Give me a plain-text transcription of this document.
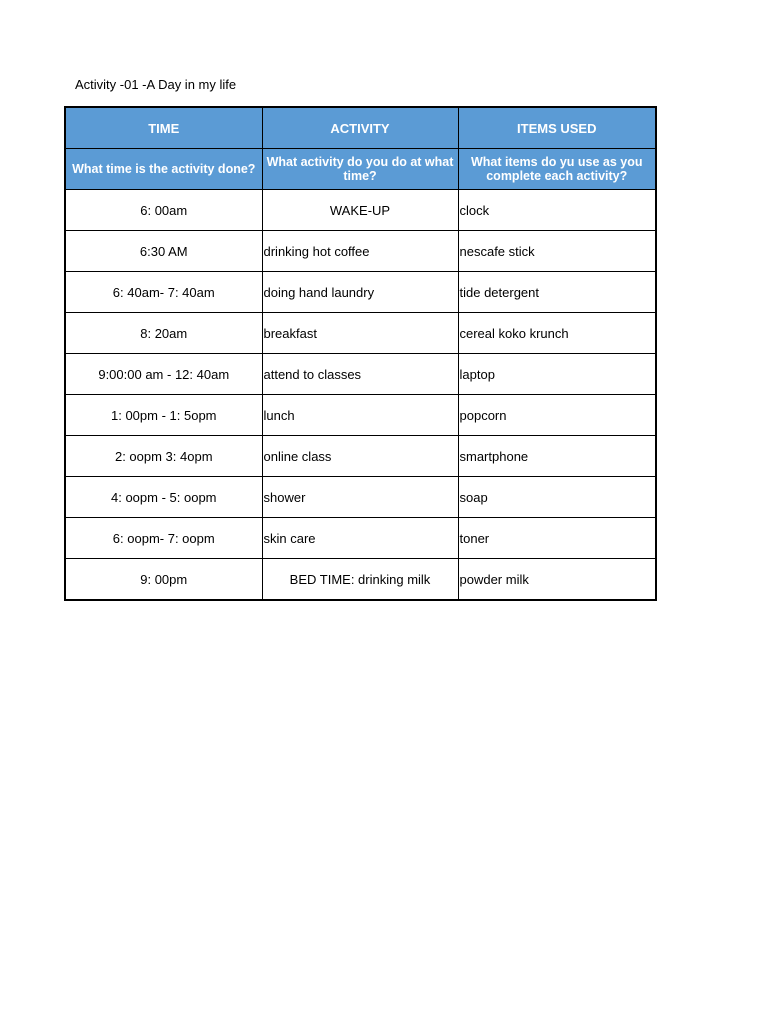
Activity -01 -A Day in my life
TIME	ACTIVITY	ITEMS USED
What time is the activity done?	What activity do you do at what time?	What items do yu use as you complete each activity?
6: 00am	WAKE-UP	clock
6:30 AM	drinking hot coffee	nescafe stick
6: 40am- 7: 40am	doing hand laundry	tide detergent
8: 20am	breakfast	cereal koko krunch
9:00:00 am - 12: 40am	attend to classes	laptop
1: 00pm - 1: 5opm	lunch	popcorn
2: oopm 3: 4opm	online class	smartphone
4: oopm - 5: oopm	shower	soap
6: oopm- 7: oopm	skin care	toner
9: 00pm	BED TIME: drinking milk	powder milk
